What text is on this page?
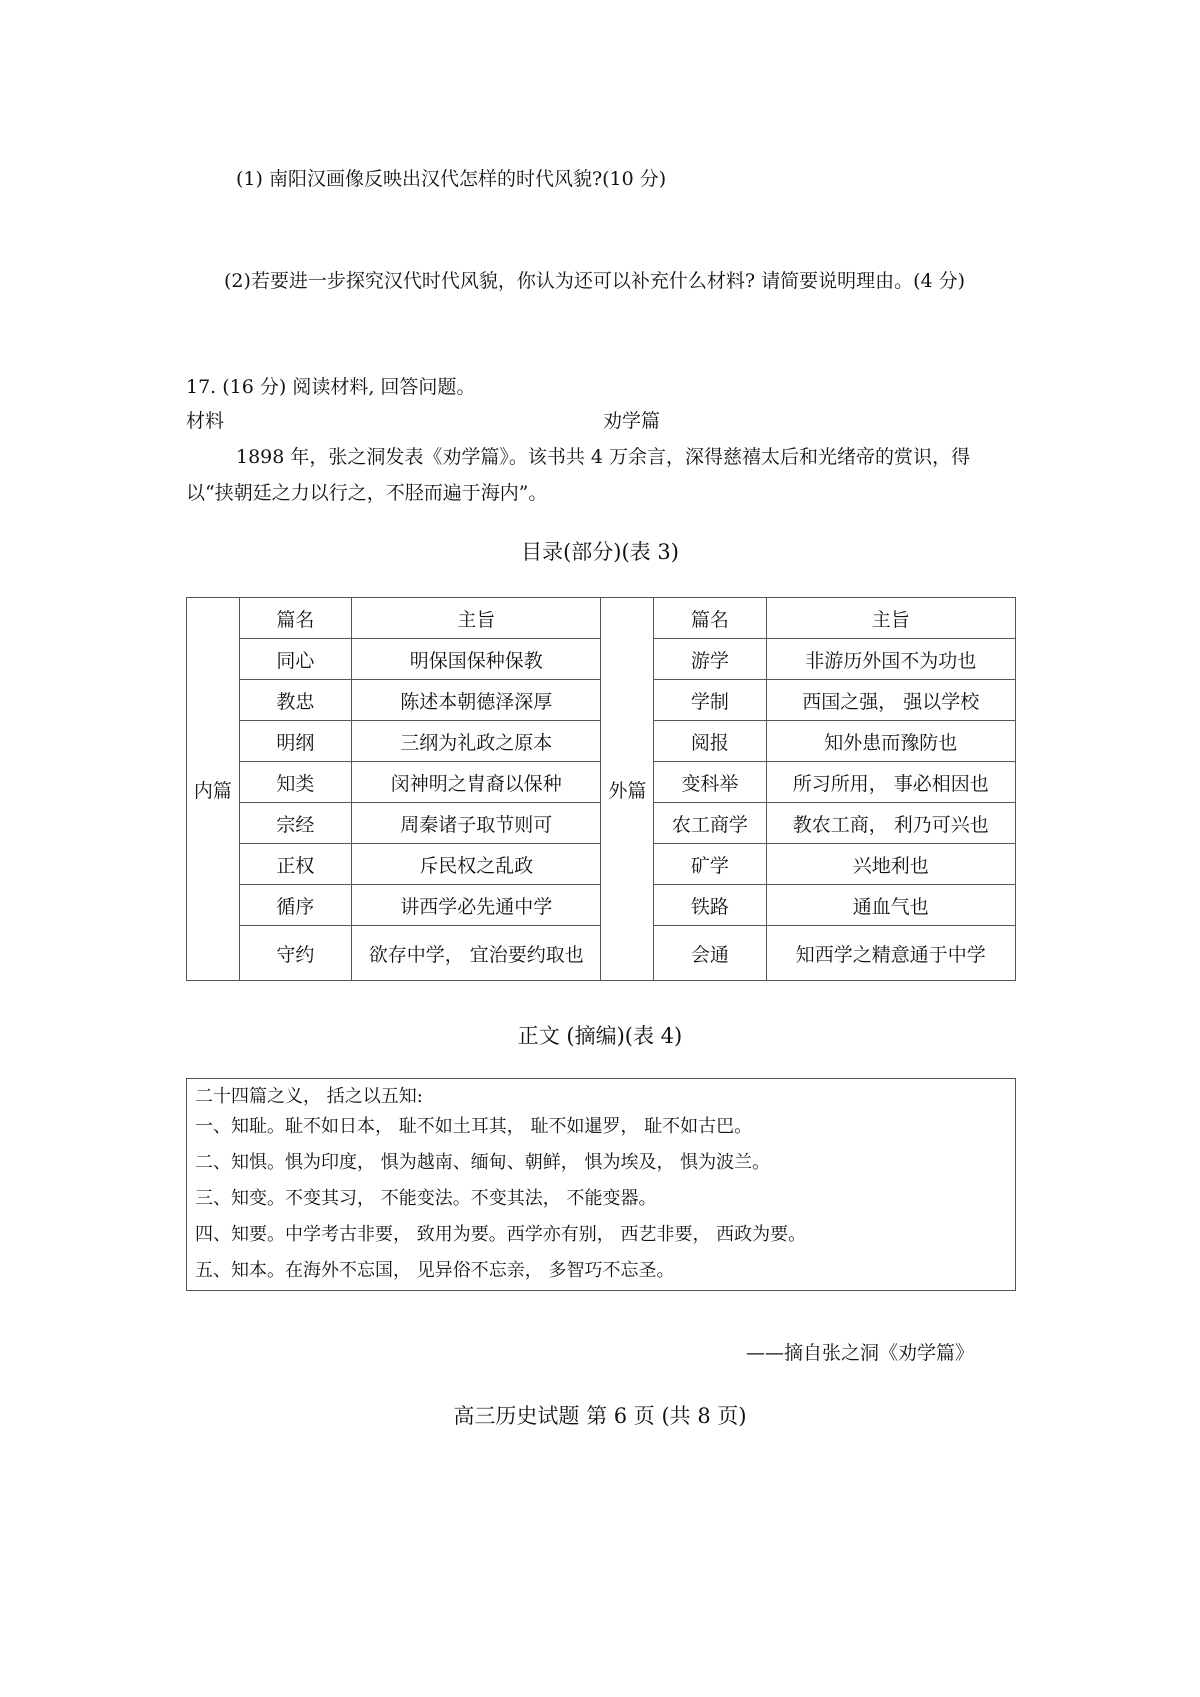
(1) 南阳汉画像反映出汉代怎样的时代风貌?(10 分)
(2)若要进一步探究汉代时代风貌，你认为还可以补充什么材料? 请简要说明理由。(4 分)
17. (16 分) 阅读材料, 回答问题。
材料	劝学篇
1898 年，张之洞发表《劝学篇》。该书共 4 万余言，深得慈禧太后和光绪帝的赏识，得
以“挟朝廷之力以行之，不胫而遍于海内”。
目录(部分)(表 3)
内篇	篇名	主旨	外篇	篇名	主旨
	同心	明保国保种保教		游学	非游历外国不为功也
	教忠	陈述本朝德泽深厚		学制	西国之强， 强以学校
	明纲	三纲为礼政之原本		阅报	知外患而豫防也
	知类	闵神明之胄裔以保种		变科举	所习所用， 事必相因也
	宗经	周秦诸子取节则可		农工商学	教农工商， 利乃可兴也
	正权	斥民权之乱政		矿学	兴地利也
	循序	讲西学必先通中学		铁路	通血气也
	守约	欲存中学， 宜治要约取也		会通	知西学之精意通于中学
正文 (摘编)(表 4)
二十四篇之义， 括之以五知:
一、知耻。耻不如日本， 耻不如土耳其， 耻不如暹罗， 耻不如古巴。
二、知惧。惧为印度， 惧为越南、缅甸、朝鲜， 惧为埃及， 惧为波兰。
三、知变。不变其习， 不能变法。不变其法， 不能变器。
四、知要。中学考古非要， 致用为要。西学亦有别， 西艺非要， 西政为要。
五、知本。在海外不忘国， 见异俗不忘亲， 多智巧不忘圣。
——摘自张之洞《劝学篇》
高三历史试题 第 6 页 (共 8 页)
